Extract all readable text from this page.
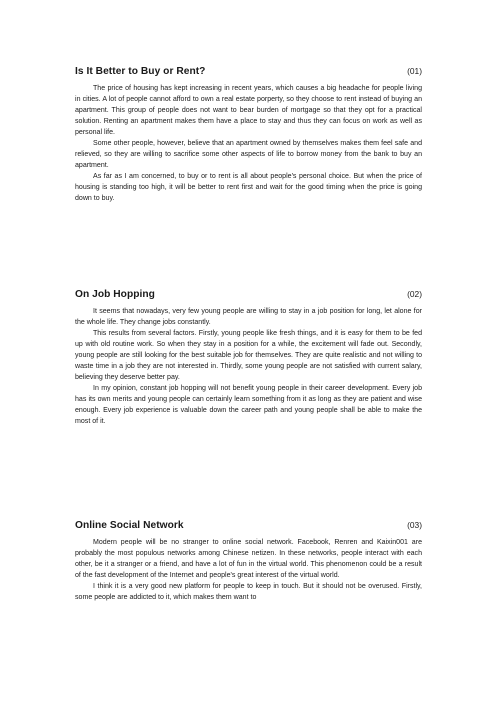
Is It Better to Buy or Rent?	(01)

The price of housing has kept increasing in recent years, which causes a big headache for people living in cities. A lot of people cannot afford to own a real estate porperty, so they choose to rent instead of buying an apartment. This group of people does not want to bear burden of mortgage so that they opt for a practical solution. Renting an apartment makes them have a place to stay and thus they can focus on work as well as personal life.

Some other people, however, believe that an apartment owned by themselves makes them feel safe and relieved, so they are willing to sacrifice some other aspects of life to borrow money from the bank to buy an apartment.

As far as I am concerned, to buy or to rent is all about people's personal choice. But when the price of housing is standing too high, it will be better to rent first and wait for the good timing when the price is going down to buy.

On Job Hopping	(02)

It seems that nowadays, very few young people are willing to stay in a job position for long, let alone for the whole life. They change jobs constantly.

This results from several factors. Firstly, young people like fresh things, and it is easy for them to be fed up with old routine work. So when they stay in a position for a while, the excitement will fade out. Secondly, young people are still looking for the best suitable job for themselves. They are quite realistic and not willing to waste time in a job they are not interested in. Thirdly, some young people are not satisfied with current salary, believing they deserve better pay.

In my opinion, constant job hopping will not benefit young people in their career development. Every job has its own merits and young people can certainly learn something from it as long as they are patient and wise enough. Every job experience is valuable down the career path and young people shall be able to make the most of it.

Online Social Network	(03)

Modern people will be no stranger to online social network. Facebook, Renren and Kaixin001 are probably the most populous networks among Chinese netizen. In these networks, people interact with each other, be it a stranger or a friend, and have a lot of fun in the virtual world. This phenomenon could be a result of the fast development of the Internet and people's great interest of the virtual world.

I think it is a very good new platform for people to keep in touch. But it should not be overused. Firstly, some people are addicted to it, which makes them want to
